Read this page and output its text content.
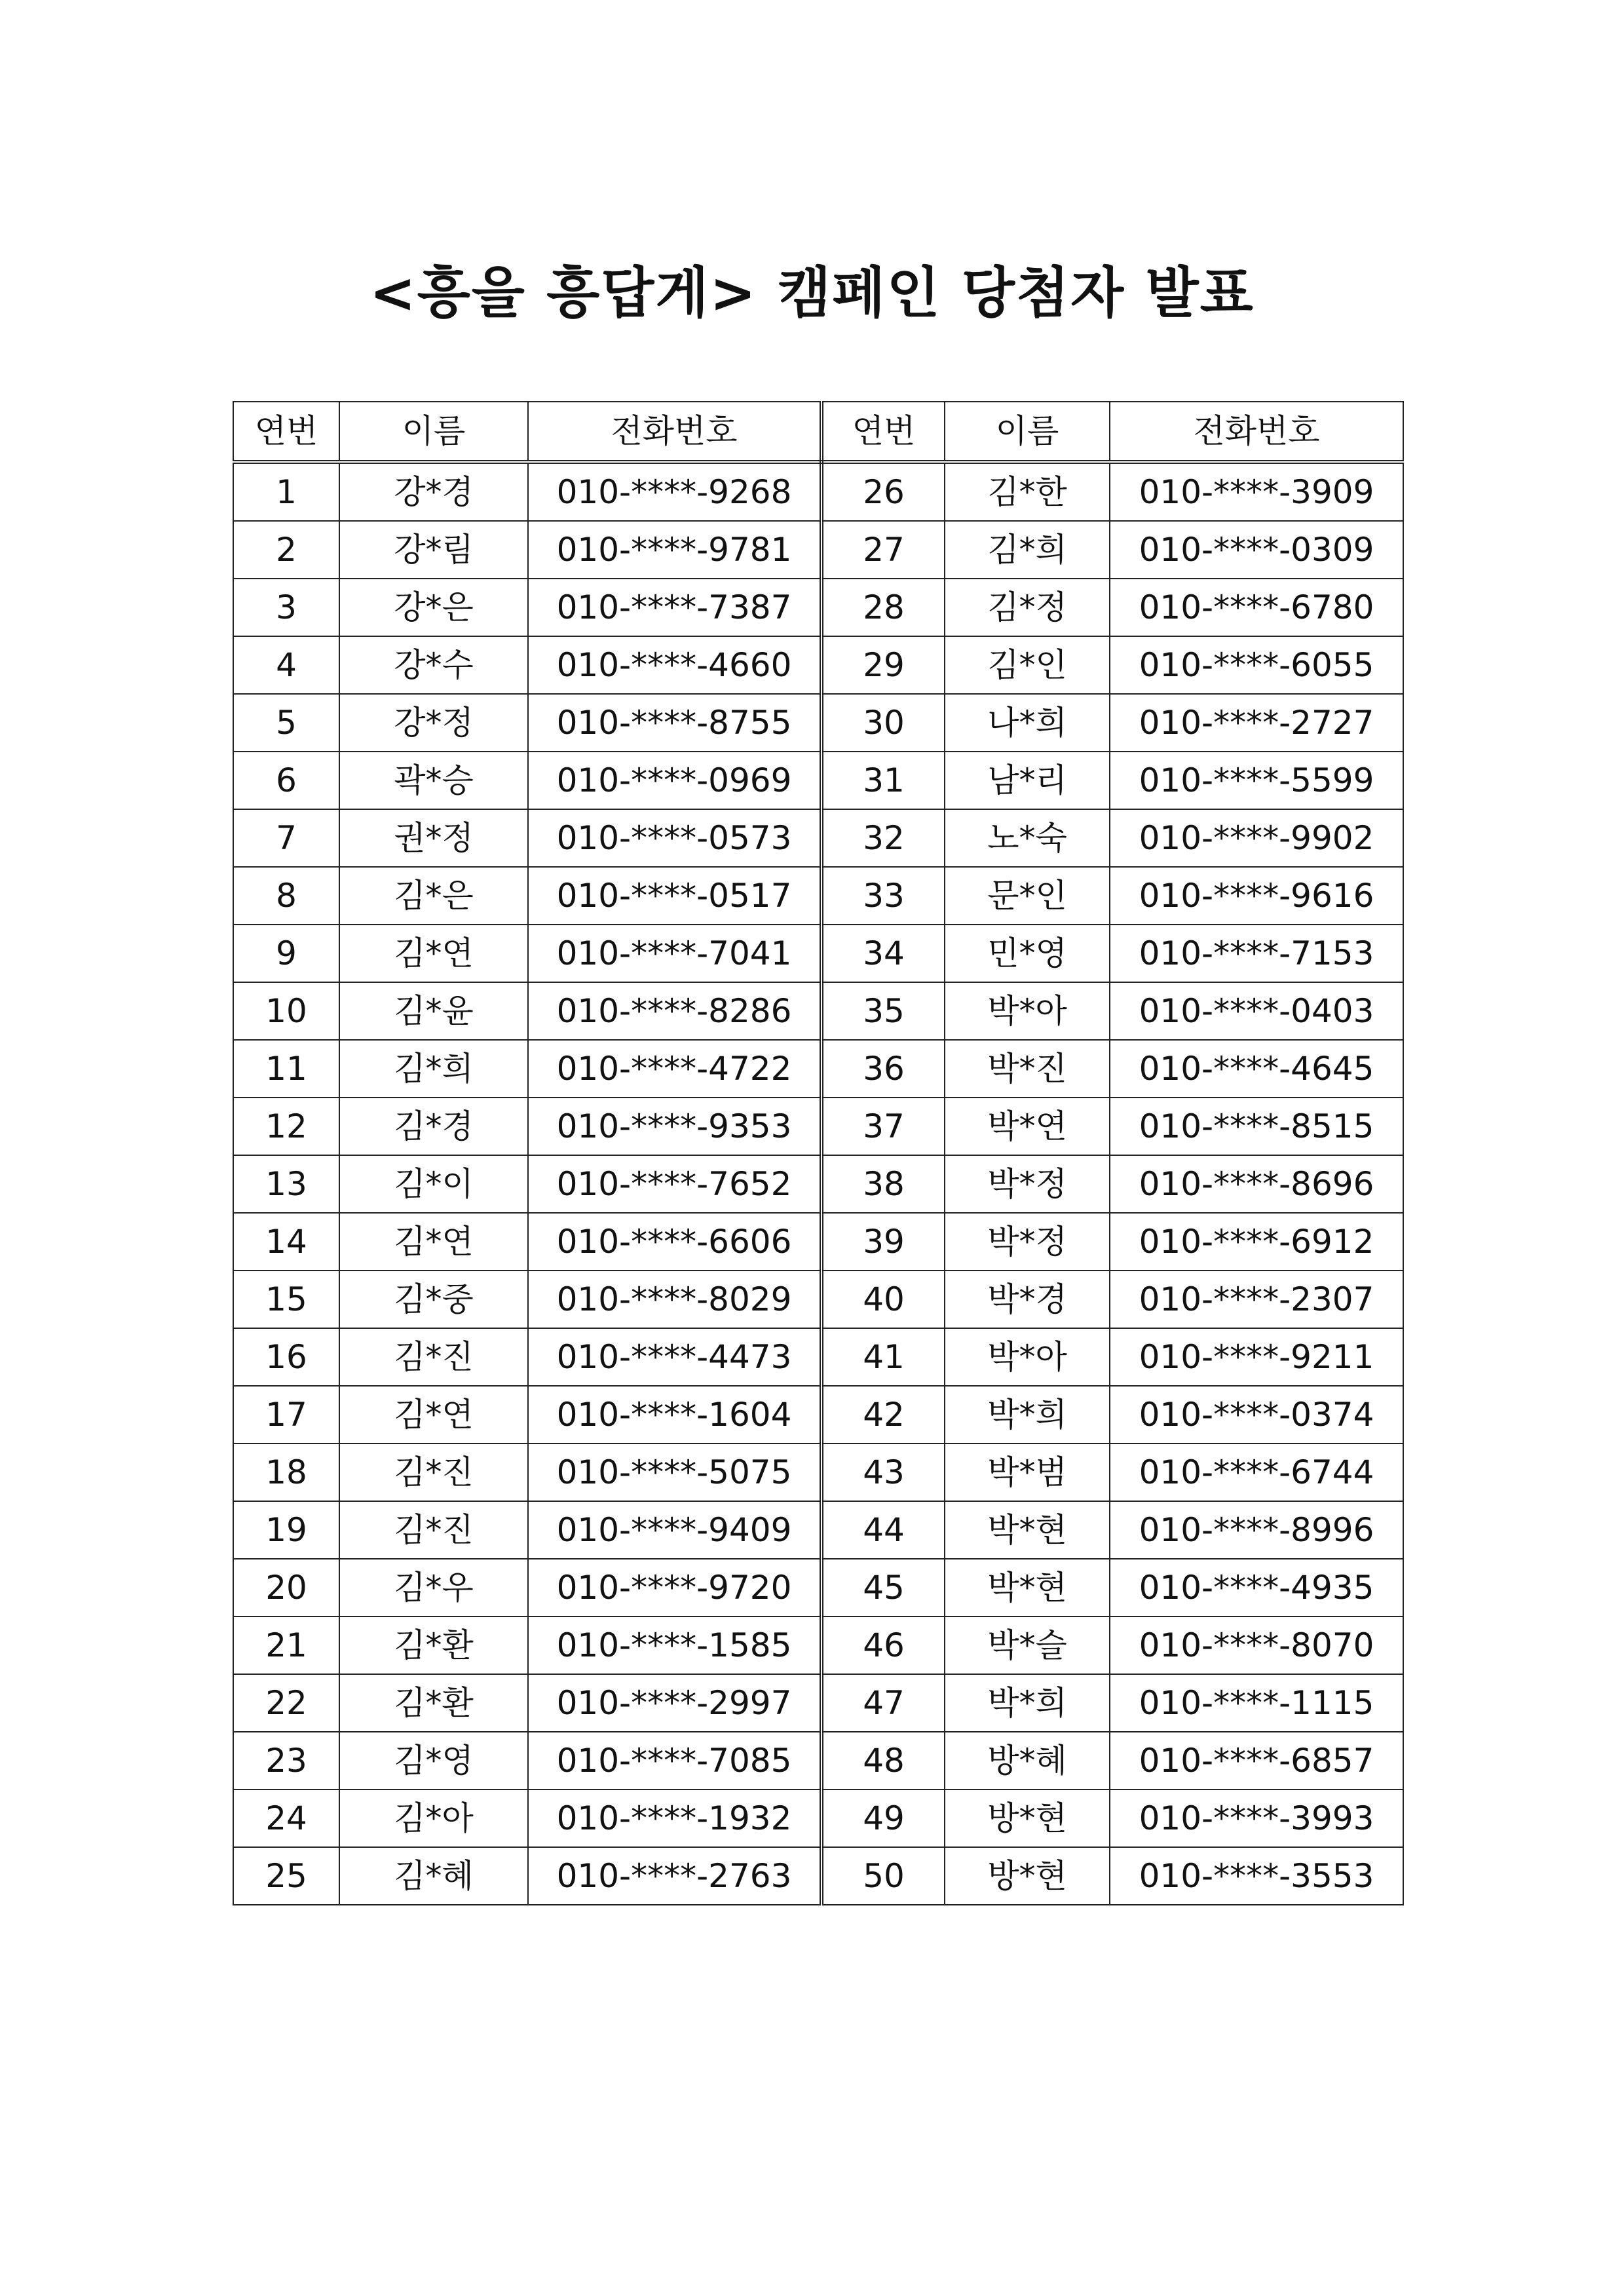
<흥을 흥답게> 캠페인 당첨자 발표
연번	이름	전화번호	연번	이름	전화번호
1	강*경	010-****-9268	26	김*한	010-****-3909
2	강*림	010-****-9781	27	김*희	010-****-0309
3	강*은	010-****-7387	28	김*정	010-****-6780
4	강*수	010-****-4660	29	김*인	010-****-6055
5	강*정	010-****-8755	30	나*희	010-****-2727
6	곽*승	010-****-0969	31	남*리	010-****-5599
7	권*정	010-****-0573	32	노*숙	010-****-9902
8	김*은	010-****-0517	33	문*인	010-****-9616
9	김*연	010-****-7041	34	민*영	010-****-7153
10	김*윤	010-****-8286	35	박*아	010-****-0403
11	김*희	010-****-4722	36	박*진	010-****-4645
12	김*경	010-****-9353	37	박*연	010-****-8515
13	김*이	010-****-7652	38	박*정	010-****-8696
14	김*연	010-****-6606	39	박*정	010-****-6912
15	김*중	010-****-8029	40	박*경	010-****-2307
16	김*진	010-****-4473	41	박*아	010-****-9211
17	김*연	010-****-1604	42	박*희	010-****-0374
18	김*진	010-****-5075	43	박*범	010-****-6744
19	김*진	010-****-9409	44	박*현	010-****-8996
20	김*우	010-****-9720	45	박*현	010-****-4935
21	김*환	010-****-1585	46	박*슬	010-****-8070
22	김*환	010-****-2997	47	박*희	010-****-1115
23	김*영	010-****-7085	48	방*혜	010-****-6857
24	김*아	010-****-1932	49	방*현	010-****-3993
25	김*혜	010-****-2763	50	방*현	010-****-3553
